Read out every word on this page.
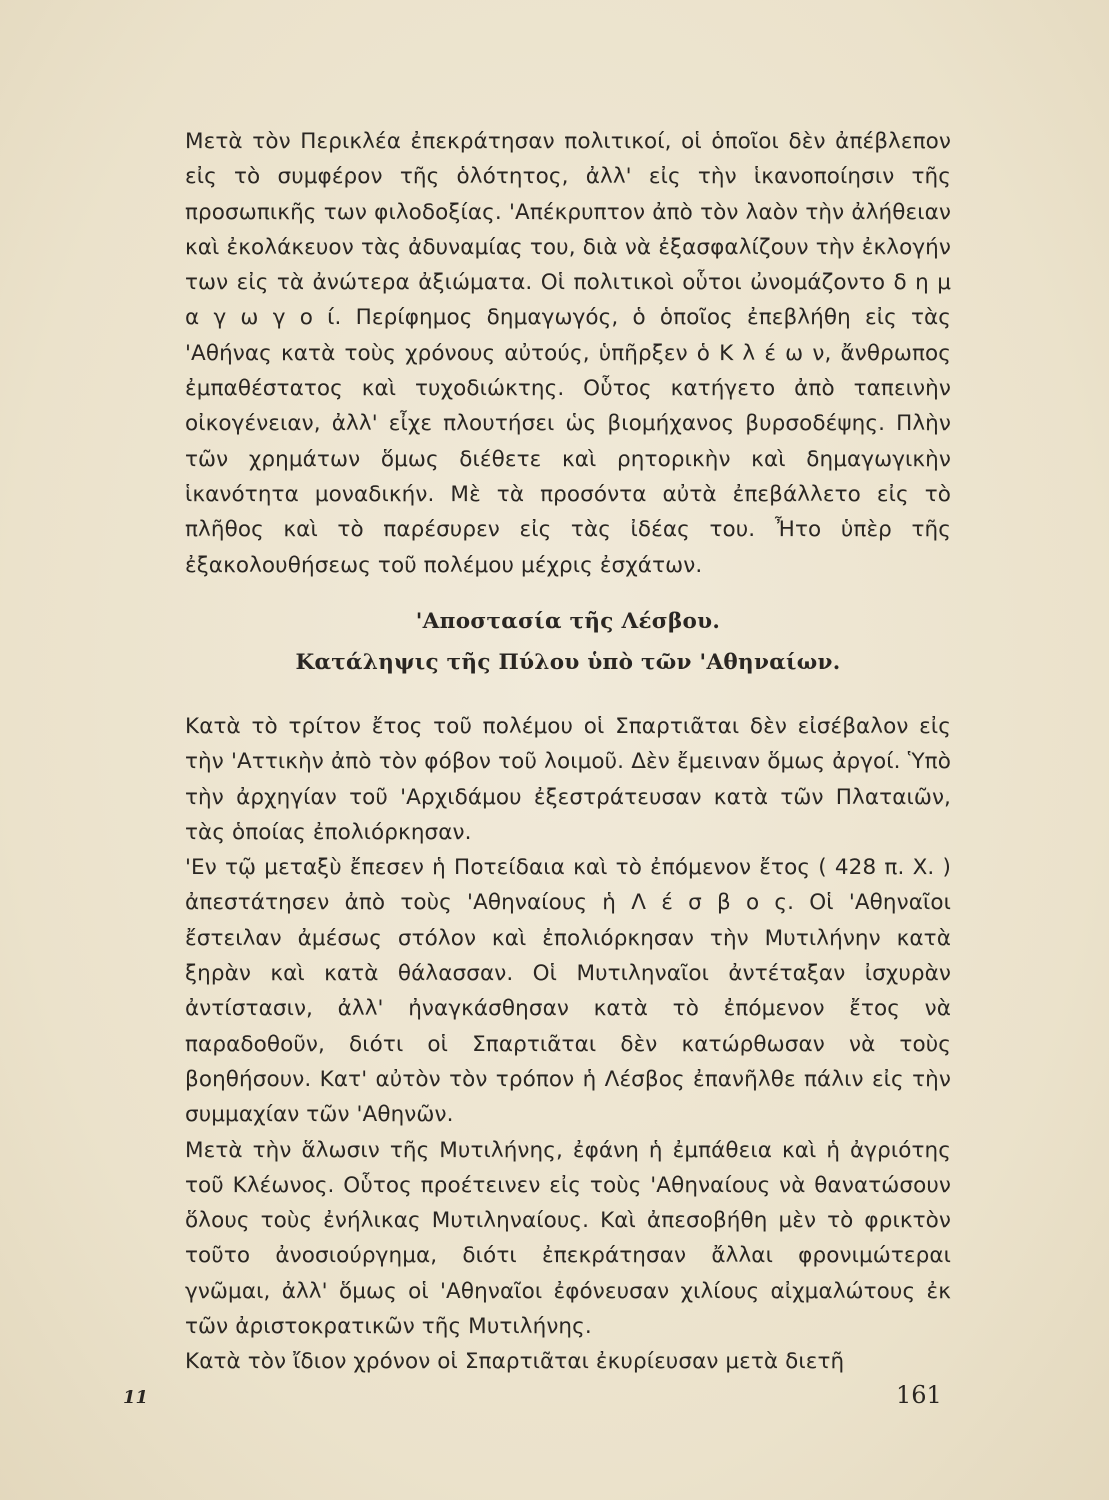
Μετὰ τὸν Περικλέα ἐπεκράτησαν πολιτικοί, οἱ ὁποῖοι δὲν ἀπέβλεπον εἰς τὸ συμφέρον τῆς ὁλότητος, ἀλλ' εἰς τὴν ἱκανοποίησιν τῆς προσωπικῆς των φιλοδοξίας. 'Απέκρυπτον ἀπὸ τὸν λαὸν τὴν ἀλήθειαν καὶ ἐκολάκευον τὰς ἀδυναμίας του, διὰ νὰ ἐξασφαλίζουν τὴν ἐκλογήν των εἰς τὰ ἀνώτερα ἀξιώματα. Οἱ πολιτικοὶ οὗτοι ὠνομάζοντο δ η μ α γ ω γ ο ί. Περίφημος δημαγωγός, ὁ ὁποῖος ἐπεβλήθη εἰς τὰς 'Αθήνας κατὰ τοὺς χρόνους αὐτούς, ὑπῆρξεν ὁ Κ λ έ ω ν, ἄνθρωπος ἐμπαθέστατος καὶ τυχοδιώκτης. Οὗτος κατήγετο ἀπὸ ταπεινὴν οἰκογένειαν, ἀλλ' εἶχε πλουτήσει ὡς βιομήχανος βυρσοδέψης. Πλὴν τῶν χρημάτων ὅμως διέθετε καὶ ρητορικὴν καὶ δημαγωγικὴν ἱκανότητα μοναδικήν. Μὲ τὰ προσόντα αὐτὰ ἐπεβάλλετο εἰς τὸ πλῆθος καὶ τὸ παρέσυρεν εἰς τὰς ἰδέας του. Ἦτο ὑπὲρ τῆς ἐξακολουθήσεως τοῦ πολέμου μέχρις ἐσχάτων.

'Αποστασία τῆς Λέσβου.
Κατάληψις τῆς Πύλου ὑπὸ τῶν 'Αθηναίων.

Κατὰ τὸ τρίτον ἔτος τοῦ πολέμου οἱ Σπαρτιᾶται δὲν εἰσέβαλον εἰς τὴν 'Αττικὴν ἀπὸ τὸν φόβον τοῦ λοιμοῦ. Δὲν ἔμειναν ὅμως ἀργοί. Ὑπὸ τὴν ἀρχηγίαν τοῦ 'Αρχιδάμου ἐξεστράτευσαν κατὰ τῶν Πλαταιῶν, τὰς ὁποίας ἐπολιόρκησαν.

'Εν τῷ μεταξὺ ἔπεσεν ἡ Ποτείδαια καὶ τὸ ἐπόμενον ἔτος ( 428 π. Χ. ) ἀπεστάτησεν ἀπὸ τοὺς 'Αθηναίους ἡ Λ έ σ β ο ς. Οἱ 'Αθηναῖοι ἔστειλαν ἀμέσως στόλον καὶ ἐπολιόρκησαν τὴν Μυτιλήνην κατὰ ξηρὰν καὶ κατὰ θάλασσαν. Οἱ Μυτιληναῖοι ἀντέταξαν ἰσχυρὰν ἀντίστασιν, ἀλλ' ἠναγκάσθησαν κατὰ τὸ ἐπόμενον ἔτος νὰ παραδοθοῦν, διότι οἱ Σπαρτιᾶται δὲν κατώρθωσαν νὰ τοὺς βοηθήσουν. Κατ' αὐτὸν τὸν τρόπον ἡ Λέσβος ἐπανῆλθε πάλιν εἰς τὴν συμμαχίαν τῶν 'Αθηνῶν.

Μετὰ τὴν ἅλωσιν τῆς Μυτιλήνης, ἐφάνη ἡ ἐμπάθεια καὶ ἡ ἀγριότης τοῦ Κλέωνος. Οὗτος προέτεινεν εἰς τοὺς 'Αθηναίους νὰ θανατώσουν ὅλους τοὺς ἐνήλικας Μυτιληναίους. Καὶ ἀπεσοβήθη μὲν τὸ φρικτὸν τοῦτο ἀνοσιούργημα, διότι ἐπεκράτησαν ἄλλαι φρονιμώτεραι γνῶμαι, ἀλλ' ὅμως οἱ 'Αθηναῖοι ἐφόνευσαν χιλίους αἰχμαλώτους ἐκ τῶν ἀριστοκρατικῶν τῆς Μυτιλήνης.

Κατὰ τὸν ἴδιον χρόνον οἱ Σπαρτιᾶται ἐκυρίευσαν μετὰ διετῆ

11	161
